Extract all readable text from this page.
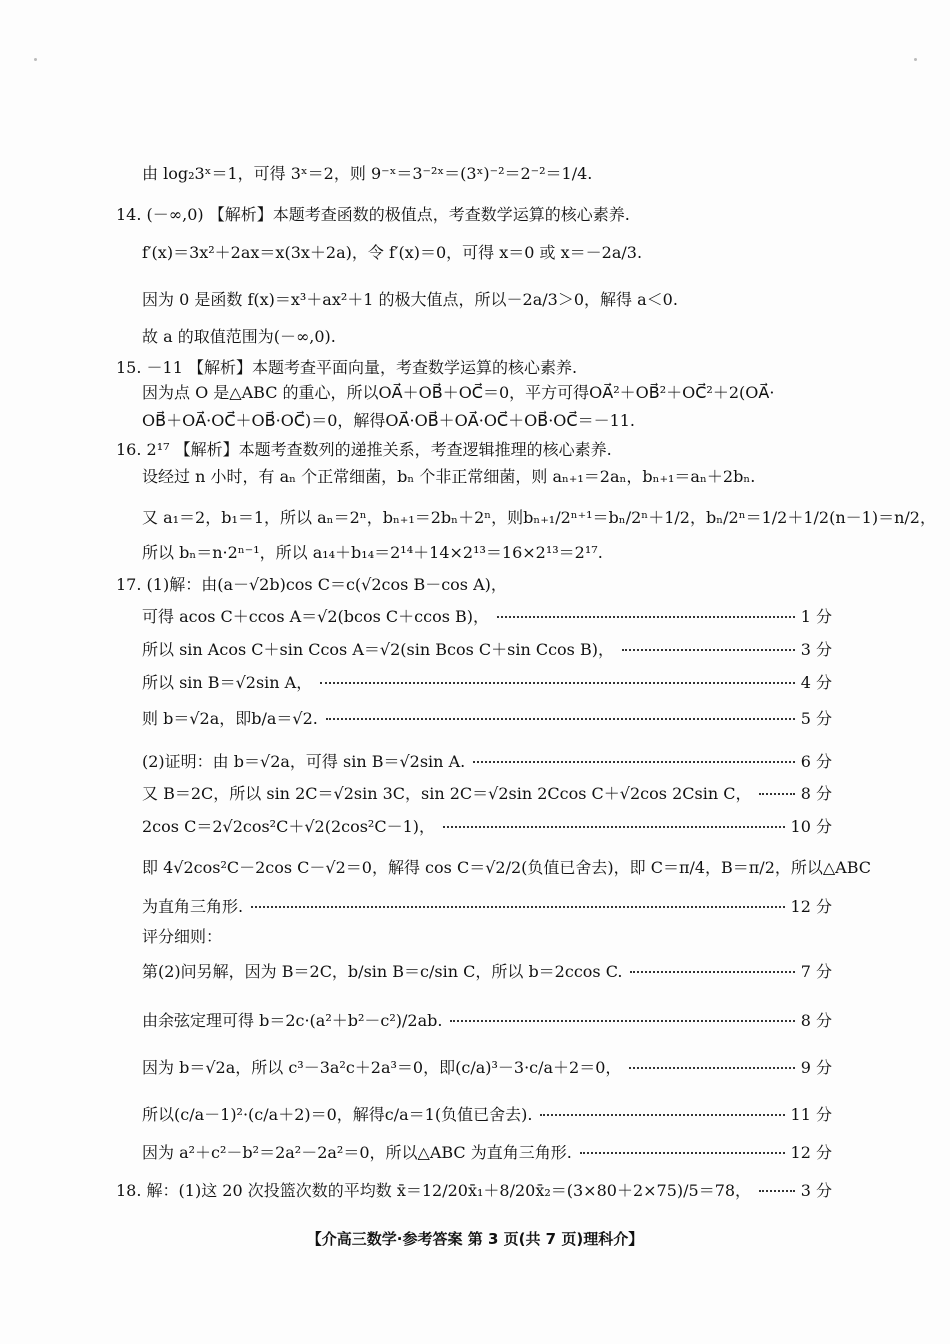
由 log₂3ˣ＝1，可得 3ˣ＝2，则 9⁻ˣ＝3⁻²ˣ＝(3ˣ)⁻²＝2⁻²＝1/4.
14. (－∞,0) 【解析】本题考查函数的极值点，考查数学运算的核心素养.
f′(x)＝3x²＋2ax＝x(3x＋2a)，令 f′(x)＝0，可得 x＝0 或 x＝－2a/3.
因为 0 是函数 f(x)＝x³＋ax²＋1 的极大值点，所以－2a/3＞0，解得 a＜0.
故 a 的取值范围为(－∞,0).
15. －11 【解析】本题考查平面向量，考查数学运算的核心素养.
因为点 O 是△ABC 的重心，所以OA⃗＋OB⃗＋OC⃗＝0，平方可得OA⃗²＋OB⃗²＋OC⃗²＋2(OA⃗·
OB⃗＋OA⃗·OC⃗＋OB⃗·OC⃗)＝0，解得OA⃗·OB⃗＋OA⃗·OC⃗＋OB⃗·OC⃗＝－11.
16. 2¹⁷ 【解析】本题考查数列的递推关系，考查逻辑推理的核心素养.
设经过 n 小时，有 aₙ 个正常细菌，bₙ 个非正常细菌，则 aₙ₊₁＝2aₙ，bₙ₊₁＝aₙ＋2bₙ.
又 a₁＝2，b₁＝1，所以 aₙ＝2ⁿ，bₙ₊₁＝2bₙ＋2ⁿ，则bₙ₊₁/2ⁿ⁺¹＝bₙ/2ⁿ＋1/2，bₙ/2ⁿ＝1/2＋1/2(n－1)＝n/2，
所以 bₙ＝n·2ⁿ⁻¹，所以 a₁₄＋b₁₄＝2¹⁴＋14×2¹³＝16×2¹³＝2¹⁷.
17. (1)解：由(a－√2b)cos C＝c(√2cos B－cos A)，
可得 acos C＋ccos A＝√2(bcos C＋ccos B)，	1 分
所以 sin Acos C＋sin Ccos A＝√2(sin Bcos C＋sin Ccos B)，	3 分
所以 sin B＝√2sin A，	4 分
则 b＝√2a，即b/a＝√2.	5 分
(2)证明：由 b＝√2a，可得 sin B＝√2sin A.	6 分
又 B＝2C，所以 sin 2C＝√2sin 3C，sin 2C＝√2sin 2Ccos C＋√2cos 2Csin C，	8 分
2cos C＝2√2cos²C＋√2(2cos²C－1)，	10 分
即 4√2cos²C－2cos C－√2＝0，解得 cos C＝√2/2(负值已舍去)，即 C＝π/4，B＝π/2，所以△ABC
为直角三角形.	12 分
评分细则：
第(2)问另解，因为 B＝2C，b/sin B＝c/sin C，所以 b＝2ccos C.	7 分
由余弦定理可得 b＝2c·(a²＋b²－c²)/2ab.	8 分
因为 b＝√2a，所以 c³－3a²c＋2a³＝0，即(c/a)³－3·c/a＋2＝0，	9 分
所以(c/a－1)²·(c/a＋2)＝0，解得c/a＝1(负值已舍去).	11 分
因为 a²＋c²－b²＝2a²－2a²＝0，所以△ABC 为直角三角形.	12 分
18. 解：(1)这 20 次投篮次数的平均数 x̄＝12/20x̄₁＋8/20x̄₂＝(3×80＋2×75)/5＝78，	3 分
【介高三数学·参考答案 第 3 页(共 7 页)理科介】
